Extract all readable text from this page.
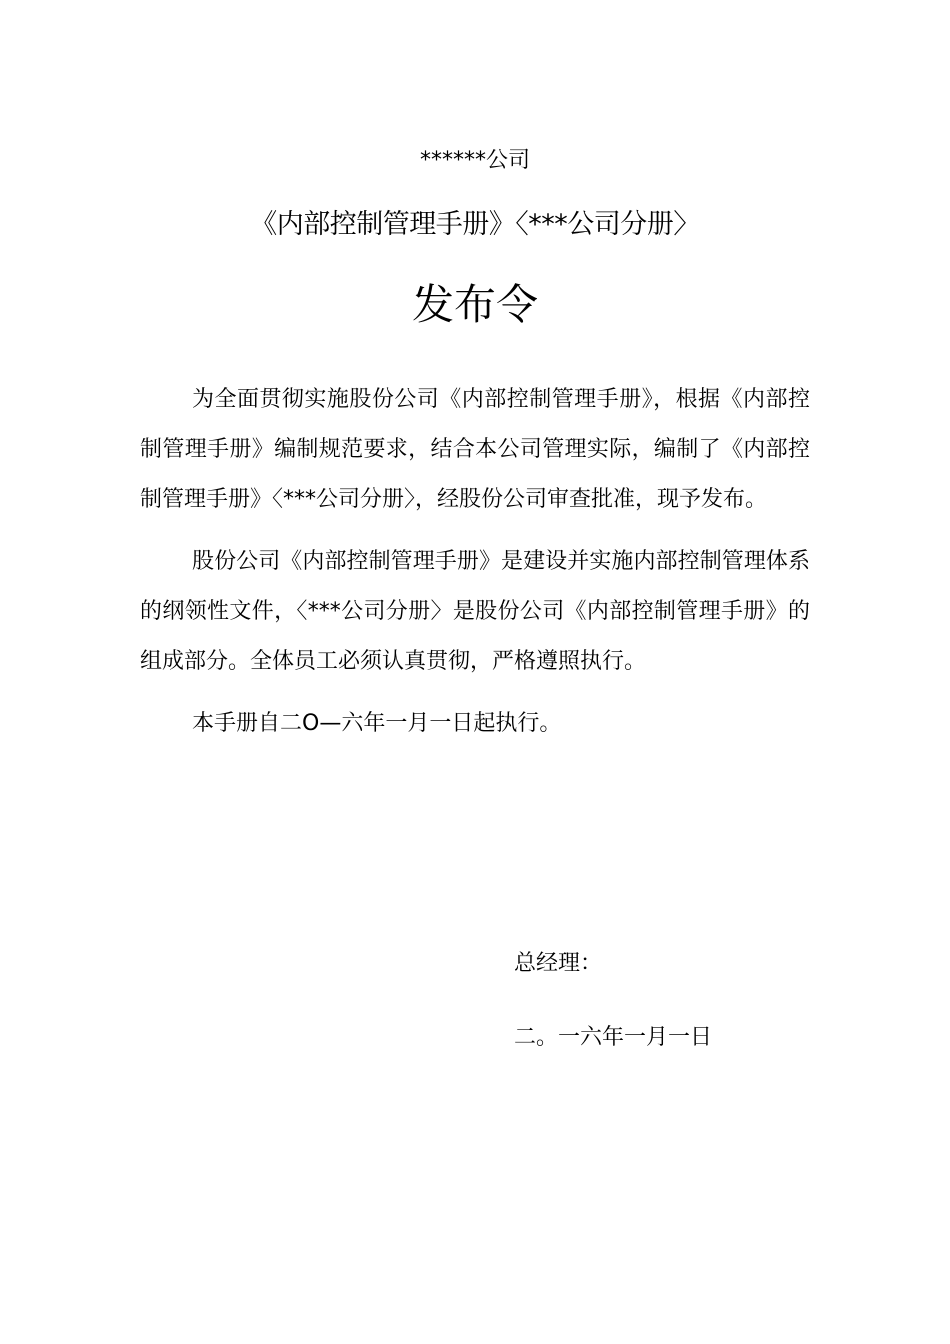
******公司
《内部控制管理手册》〈***公司分册〉
发布令

为全面贯彻实施股份公司《内部控制管理手册》，根据《内部控制管理手册》编制规范要求，结合本公司管理实际，编制了《内部控制管理手册》〈***公司分册〉，经股份公司审查批准，现予发布。

股份公司《内部控制管理手册》是建设并实施内部控制管理体系的纲领性文件，〈***公司分册〉是股份公司《内部控制管理手册》的组成部分。全体员工必须认真贯彻，严格遵照执行。

本手册自二O—六年一月一日起执行。

总经理：
二。一六年一月一日
